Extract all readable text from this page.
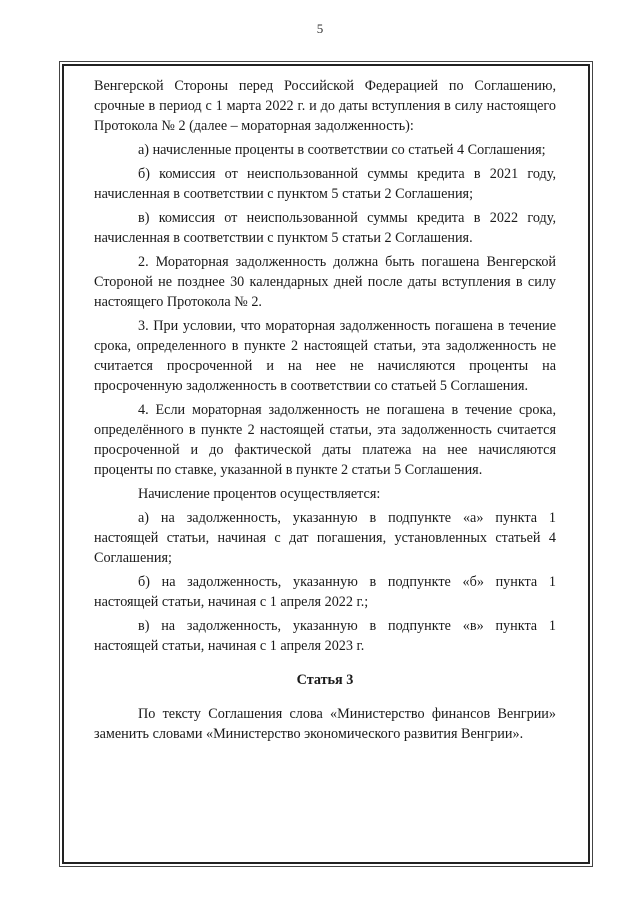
5

Венгерской Стороны перед Российской Федерацией по Соглашению, срочные в период с 1 марта 2022 г. и до даты вступления в силу настоящего Протокола № 2 (далее – мораторная задолженность):

а) начисленные проценты в соответствии со статьей 4 Соглашения;

б) комиссия от неиспользованной суммы кредита в 2021 году, начисленная в соответствии с пунктом 5 статьи 2 Соглашения;

в) комиссия от неиспользованной суммы кредита в 2022 году, начисленная в соответствии с пунктом 5 статьи 2 Соглашения.

2. Мораторная задолженность должна быть погашена Венгерской Стороной не позднее 30 календарных дней после даты вступления в силу настоящего Протокола № 2.

3. При условии, что мораторная задолженность погашена в течение срока, определенного в пункте 2 настоящей статьи, эта задолженность не считается просроченной и на нее не начисляются проценты на просроченную задолженность в соответствии со статьей 5 Соглашения.

4. Если мораторная задолженность не погашена в течение срока, определённого в пункте 2 настоящей статьи, эта задолженность считается просроченной и до фактической даты платежа на нее начисляются проценты по ставке, указанной в пункте 2 статьи 5 Соглашения.

Начисление процентов осуществляется:

а) на задолженность, указанную в подпункте «а» пункта 1 настоящей статьи, начиная с дат погашения, установленных статьей 4 Соглашения;

б) на задолженность, указанную в подпункте «б» пункта 1 настоящей статьи, начиная с 1 апреля 2022 г.;

в) на задолженность, указанную в подпункте «в» пункта 1 настоящей статьи, начиная с 1 апреля 2023 г.

Статья 3

По тексту Соглашения слова «Министерство финансов Венгрии» заменить словами «Министерство экономического развития Венгрии».
